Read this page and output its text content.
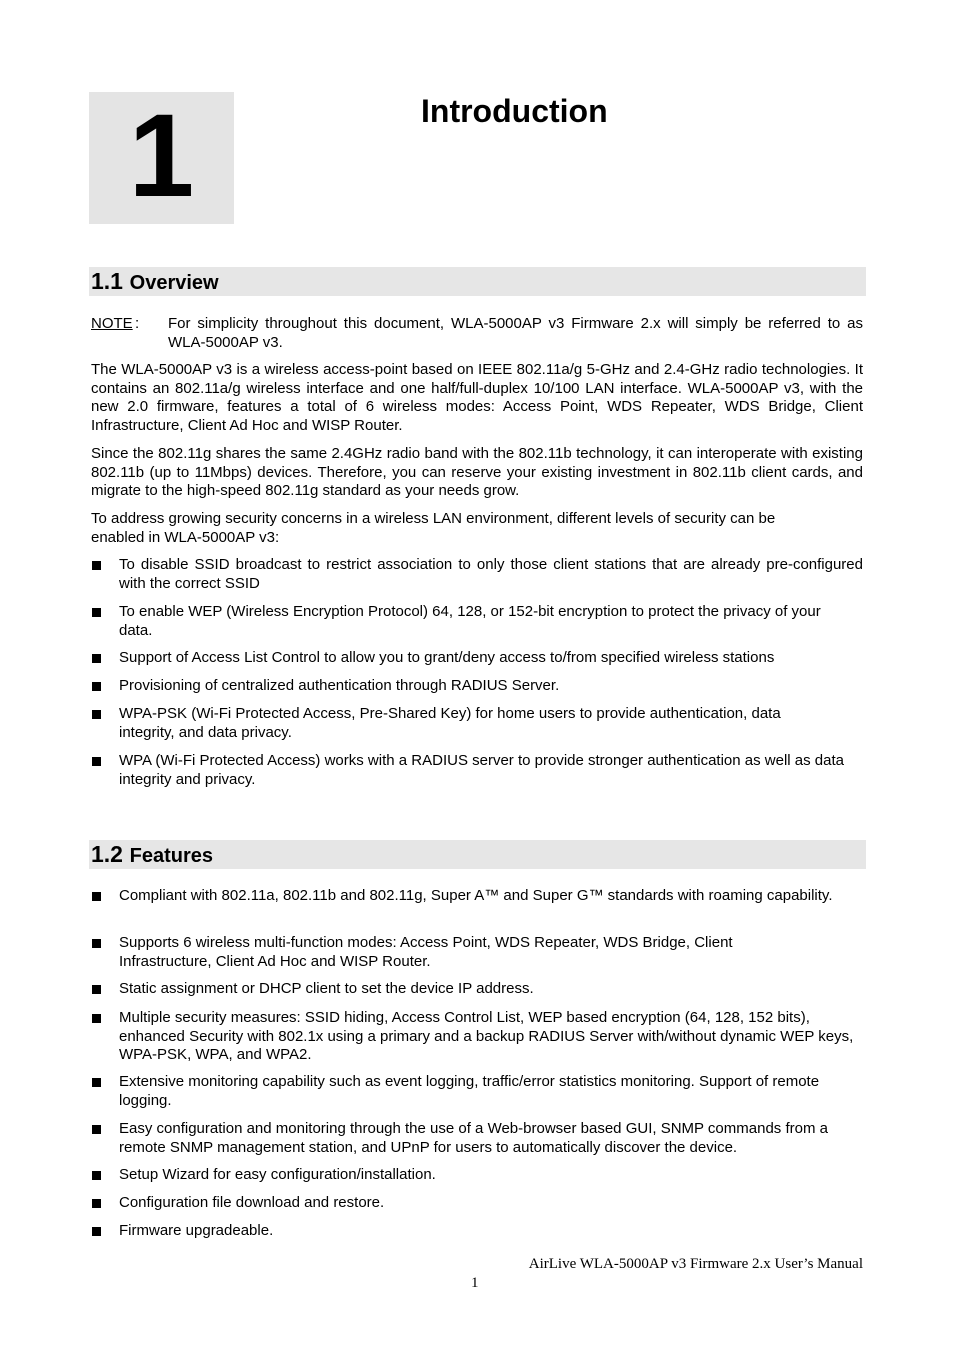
1	Introduction
1.1 Overview
NOTE : For simplicity throughout this document, WLA-5000AP v3 Firmware 2.x will simply be referred to as WLA-5000AP v3.

The WLA-5000AP v3 is a wireless access-point based on IEEE 802.11a/g 5-GHz and 2.4-GHz radio technologies. It contains an 802.11a/g wireless interface and one half/full-duplex 10/100 LAN interface. WLA-5000AP v3, with the new 2.0 firmware, features a total of 6 wireless modes: Access Point, WDS Repeater, WDS Bridge, Client Infrastructure, Client Ad Hoc and WISP Router.

Since the 802.11g shares the same 2.4GHz radio band with the 802.11b technology, it can interoperate with existing 802.11b (up to 11Mbps) devices. Therefore, you can reserve your existing investment in 802.11b client cards, and migrate to the high-speed 802.11g standard as your needs grow.

To address growing security concerns in a wireless LAN environment, different levels of security can be enabled in WLA-5000AP v3:

To disable SSID broadcast to restrict association to only those client stations that are already pre-configured with the correct SSID
To enable WEP (Wireless Encryption Protocol) 64, 128, or 152-bit encryption to protect the privacy of your data.
Support of Access List Control to allow you to grant/deny access to/from specified wireless stations
Provisioning of centralized authentication through RADIUS Server.
WPA-PSK (Wi-Fi Protected Access, Pre-Shared Key) for home users to provide authentication, data integrity, and data privacy.
WPA (Wi-Fi Protected Access) works with a RADIUS server to provide stronger authentication as well as data integrity and privacy.
1.2 Features
Compliant with 802.11a, 802.11b and 802.11g, Super A™ and Super G™ standards with roaming capability.
Supports 6 wireless multi-function modes: Access Point, WDS Repeater, WDS Bridge, Client Infrastructure, Client Ad Hoc and WISP Router.
Static assignment or DHCP client to set the device IP address.
Multiple security measures: SSID hiding, Access Control List, WEP based encryption (64, 128, 152 bits), enhanced Security with 802.1x using a primary and a backup RADIUS Server with/without dynamic WEP keys, WPA-PSK, WPA, and WPA2.
Extensive monitoring capability such as event logging, traffic/error statistics monitoring. Support of remote logging.
Easy configuration and monitoring through the use of a Web-browser based GUI, SNMP commands from a remote SNMP management station, and UPnP for users to automatically discover the device.
Setup Wizard for easy configuration/installation.
Configuration file download and restore.
Firmware upgradeable.
AirLive WLA-5000AP v3 Firmware 2.x User’s Manual
1
